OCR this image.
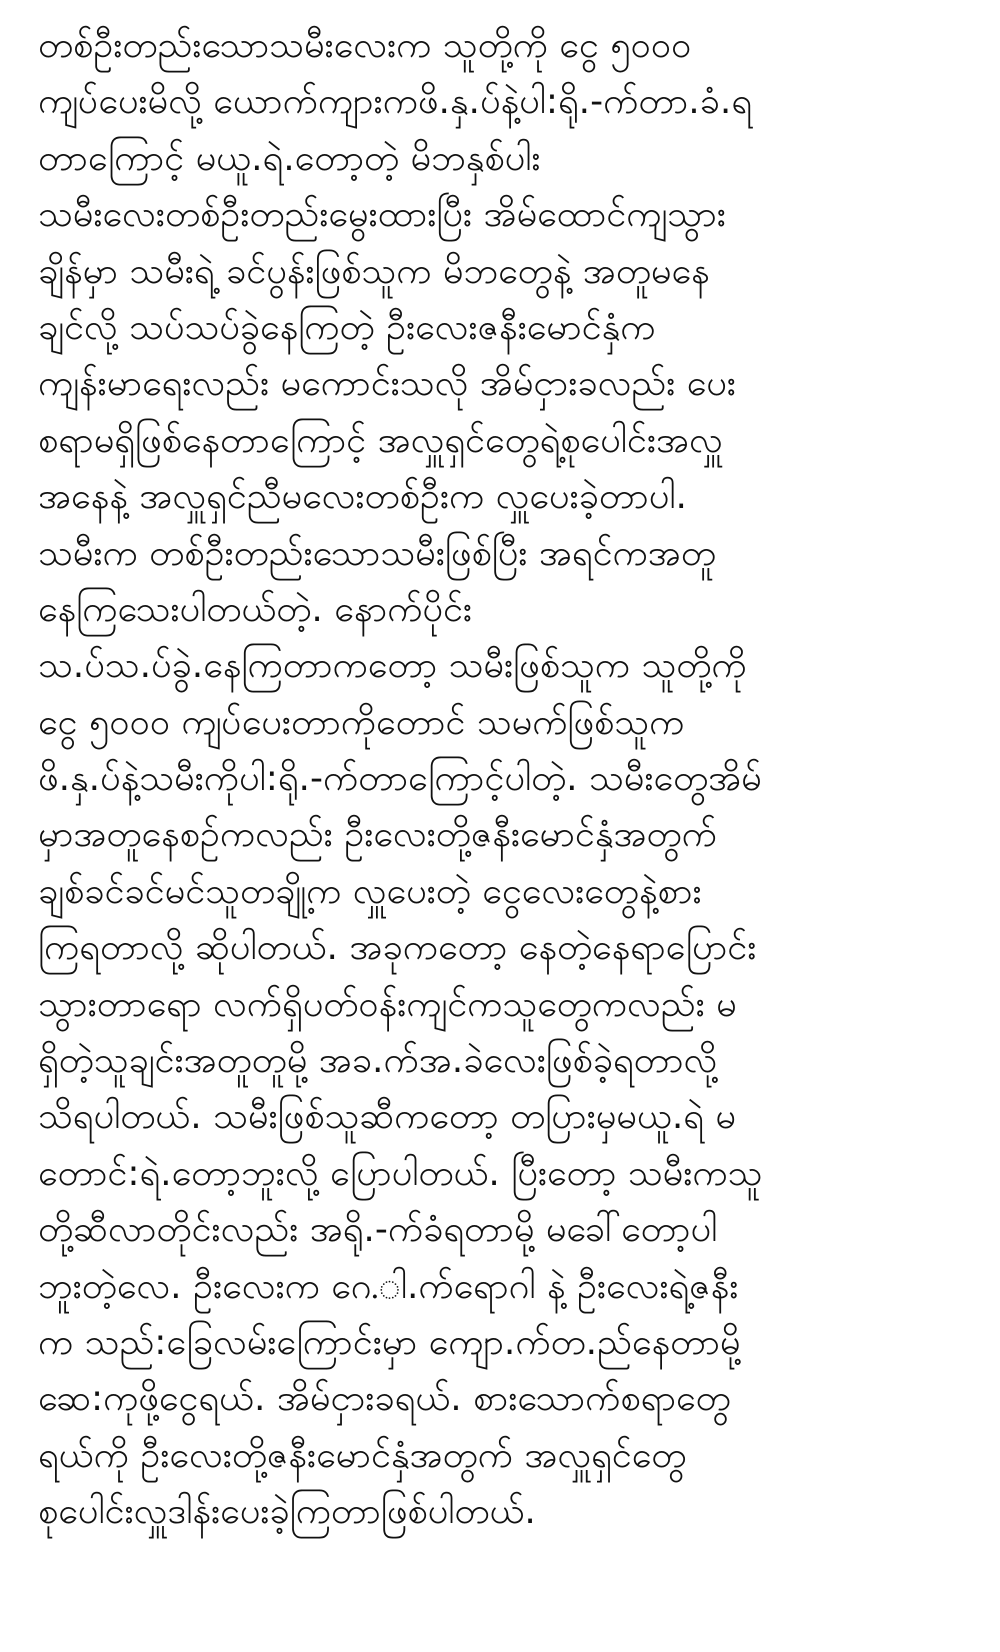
တစ်ဦးတည်းသောသမီးလေးက သူတို့ကို ငွေ ၅၀၀၀
ကျပ်ပေးမိလို့ ယောက်ကျားကဖိ.နှ.ပ်နဲ့ပါ:ရို.-က်တာ.ခံ.ရ
တာကြောင့် မယူ.ရဲ.တော့တဲ့ မိဘနှစ်ပါး
သမီးလေးတစ်ဦးတည်းမွေးထားပြီး အိမ်ထောင်ကျသွား
ချိန်မှာ သမီးရဲ့ ခင်ပွန်းဖြစ်သူက မိဘတွေနဲ့ အတူမနေ
ချင်လို့ သပ်သပ်ခွဲနေကြတဲ့ ဦးလေးဇနီးမောင်နှံက
ကျန်းမာရေးလည်း မကောင်းသလို အိမ်ငှားခလည်း ပေး
စရာမရှိဖြစ်နေတာကြောင့် အလှူရှင်တွေရဲ့စုပေါင်းအလှူ
အနေနဲ့ အလှူရှင်ညီမလေးတစ်ဦးက လှူပေးခဲ့တာပါ.
သမီးက တစ်ဦးတည်းသောသမီးဖြစ်ပြီး အရင်ကအတူ
နေကြသေးပါတယ်တဲ့. နောက်ပိုင်း
သ.ပ်သ.ပ်ခွဲ.နေကြတာကတော့ သမီးဖြစ်သူက သူတို့ကို
ငွေ ၅၀၀၀ ကျပ်ပေးတာကိုတောင် သမက်ဖြစ်သူက
ဖိ.နှ.ပ်နဲ့သမီးကိုပါ:ရို.-က်တာကြောင့်ပါတဲ့. သမီးတွေအိမ်
မှာအတူနေစဥ်ကလည်း ဦးလေးတို့ဇနီးမောင်နှံအတွက်
ချစ်ခင်ခင်မင်သူတချို့က လှူပေးတဲ့ ငွေလေးတွေနဲ့စား
ကြရတာလို့ ဆိုပါတယ်. အခုကတော့ နေတဲ့နေရာပြောင်း
သွားတာရော လက်ရှိပတ်ဝန်းကျင်ကသူတွေကလည်း မ
ရှိတဲ့သူချင်းအတူတူမို့ အခ.က်အ.ခဲလေးဖြစ်ခဲ့ရတာလို့
သိရပါတယ်. သမီးဖြစ်သူဆီကတော့ တပြားမှမယူ.ရဲ မ
တောင်:ရဲ.တော့ဘူးလို့ ပြောပါတယ်. ပြီးတော့ သမီးကသူ
တို့ဆီလာတိုင်းလည်း အရို.-က်ခံရတာမို့ မခေါ်တော့ပါ
ဘူးတဲ့လေ. ဦးလေးက ဂေ.ါ.က်ရောဂါ နဲ့ ဦးလေးရဲ့ဇနီး
က သည်:ခြေလမ်းကြောင်းမှာ ကျော.က်တ.ည်နေတာမို့
ဆေ:ကုဖို့ငွေရယ်. အိမ်ငှားခရယ်. စားသောက်စရာတွေ
ရယ်ကို ဦးလေးတို့ဇနီးမောင်နှံအတွက် အလှူရှင်တွေ
စုပေါင်းလှူဒါန်းပေးခဲ့ကြတာဖြစ်ပါတယ်.
